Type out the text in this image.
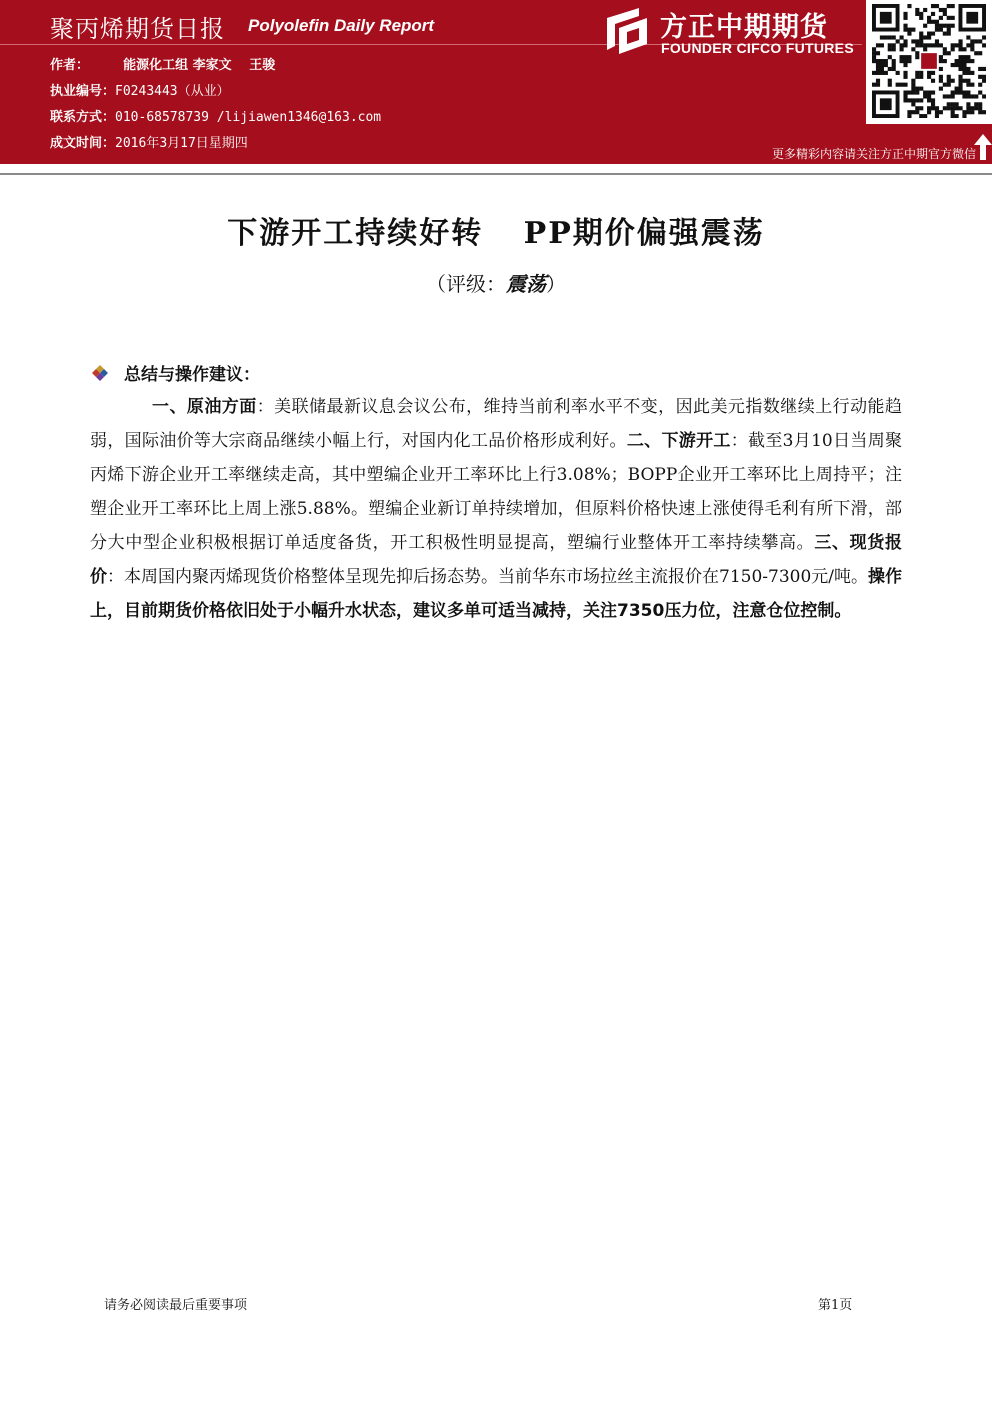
聚丙烯期货日报 Polyolefin Daily Report
作者：	能源化工组 李家文　 王骏
执业编号：F0243443（从业）
联系方式：010-68578739 /lijiawen1346@163.com
成文时间：2016年3月17日星期四
方正中期期货
FOUNDER CIFCO FUTURES
更多精彩内容请关注方正中期官方微信
下游开工持续好转 PP期价偏强震荡
（评级：震荡）
总结与操作建议：

一、原油方面：美联储最新议息会议公布，维持当前利率水平不变，因此美元指数继续上行动能趋弱，国际油价等大宗商品继续小幅上行，对国内化工品价格形成利好。二、下游开工：截至3月10日当周聚丙烯下游企业开工率继续走高，其中塑编企业开工率环比上行3.08%；BOPP企业开工率环比上周持平；注塑企业开工率环比上周上涨5.88%。塑编企业新订单持续增加，但原料价格快速上涨使得毛利有所下滑，部分大中型企业积极根据订单适度备货，开工积极性明显提高，塑编行业整体开工率持续攀高。三、现货报价：本周国内聚丙烯现货价格整体呈现先抑后扬态势。当前华东市场拉丝主流报价在7150-7300元/吨。操作上，目前期货价格依旧处于小幅升水状态，建议多单可适当减持，关注7350压力位，注意仓位控制。

请务必阅读最后重要事项	第1页
